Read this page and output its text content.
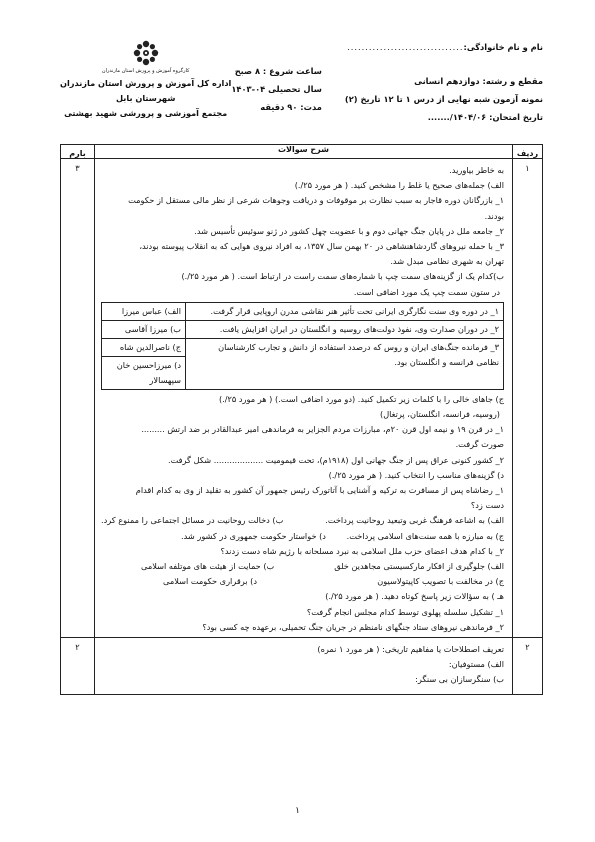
نام و نام خانوادگی:
................................
مقطع و رشته: دوازدهم انسانی
نمونه آزمون شبه نهایی از درس ۱ تا ۱۲ تاریخ (۲)
تاریخ امتحان: ۱۴۰۴/۰۶/.......
ساعت شروع : ۸ صبح
سال تحصیلی ۰۴-۱۴۰۳
مدت: ۹۰ دقیقه
کارگروه آموزش و پرورش استان مازندران
اداره کل آموزش و پرورش استان مازندران
شهرستان بابل
مجتمع آموزشی و پرورشی شهید بهشتی
ردیف	شرح سوالات	بارم
۱	
به خاطر بیاورید.
الف) جمله‌های صحیح یا غلط را مشخص کنید. ( هر مورد ۲۵/.)
۱_ بازرگانان دوره قاجار به سبب نظارت بر موقوفات و دریافت وجوهات شرعی از نظر مالی مستقل از حکومت
بودند.
۲_ جامعه ملل در پایان جنگ جهانی دوم و با عضویت چهل کشور در ژنو سوئیس تأسیس شد.
۳_ با حمله نیروهای گاردشاهنشاهی در ۲۰ بهمن سال ۱۳۵۷، به افراد نیروی هوایی که به انقلاب پیوسته بودند،
تهران به شهری نظامی مبدل شد.
ب)کدام یک از گزینه‌های سمت چپ با شماره‌های سمت راست در ارتباط است. ( هر مورد ۲۵/.)
در ستون سمت چپ یک مورد اضافی است.
۱_ در دوره وی سنت نگارگری ایرانی تحت تأثیر هنر نقاشی مدرن اروپایی قرار گرفت.	الف) عباس میرزا
۲_ در دوران صدارت وی، نفوذ دولت‌های روسیه و انگلستان در ایران افزایش یافت.	ب) میرزا آقاسی

۳_ فرمانده جنگ‌های ایران و روس که درصدد استفاده از دانش و تجارب کارشناسان
نظامی فرانسه و انگلستان بود.
	ج) ناصرالدین شاه

د) میرزاحسین خان
سپهسالار
ج) جاهای خالی را با کلمات زیر تکمیل کنید. (دو مورد اضافی است.) ( هر مورد ۲۵/.)
(روسیه، فرانسه، انگلستان، پرتغال)
۱_ در قرن ۱۹ و نیمه اول قرن ۲۰م، مبارزات مردم الجزایر به فرماندهی امیر عبدالقادر بر ضد ارتش .........
صورت گرفت.
۲_ کشور کنونی عراق پس از جنگ جهانی اول (۱۹۱۸م)، تحت قیمومیت ................... شکل گرفت.
د) گزینه‌های مناسب را انتخاب کنید. ( هر مورد ۲۵/.)
۱_ رضاشاه پس از مسافرت به ترکیه و آشنایی با آتاتورک رئیس جمهور آن کشور به تقلید از وی به کدام اقدام
دست زد؟
الف) به اشاعه فرهنگ غربی وتبعید روحانیت پرداخت.
ب) دخالت روحانیت در مسائل اجتماعی را ممنوع کرد.
ج) به مبارزه با همه سنت‌های اسلامی پرداخت.
د) خواستار حکومت جمهوری در کشور شد.
۲_ با کدام هدف اعضای حزب ملل اسلامی به نبرد مسلحانه با رژیم شاه دست زدند؟
الف) جلوگیری از افکار مارکسیستی مجاهدین خلق
ب) حمایت از هیئت های موتلفه اسلامی
ج) در مخالفت با تصویب کاپیتولاسیون
د) برقراری حکومت اسلامی
هـ ) به سؤالات زیر پاسخ کوتاه دهید. ( هر مورد ۲۵/.)
۱_ تشکیل سلسله پهلوی توسط کدام مجلس انجام گرفت؟
۲_ فرماندهی نیروهای ستاد جنگهای نامنظم در جریان جنگ تحمیلی، برعهده چه کسی بود؟
	۳
۲	
تعریف اصطلاحات یا مفاهیم تاریخی: ( هر مورد ۱ نمره)
الف) مستوفیان:
ب) سنگرسازان بی سنگر:
	۲
۱
